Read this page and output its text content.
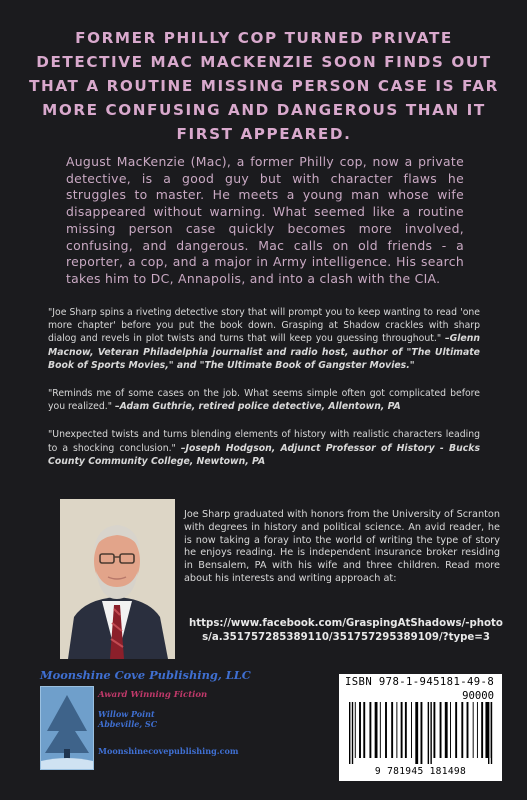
FORMER PHILLY COP TURNED PRIVATE DETECTIVE MAC MACKENZIE SOON FINDS OUT THAT A ROUTINE MISSING PERSON CASE IS FAR MORE CONFUSING AND DANGEROUS THAN IT FIRST APPEARED.

August MacKenzie (Mac), a former Philly cop, now a private detective, is a good guy but with character flaws he struggles to master. He meets a young man whose wife disappeared without warning. What seemed like a routine missing person case quickly becomes more involved, confusing, and dangerous. Mac calls on old friends - a reporter, a cop, and a major in Army intelligence. His search takes him to DC, Annapolis, and into a clash with the CIA.

"Joe Sharp spins a riveting detective story that will prompt you to keep wanting to read 'one more chapter' before you put the book down. Grasping at Shadow crackles with sharp dialog and revels in plot twists and turns that will keep you guessing throughout." –Glenn Macnow, Veteran Philadelphia journalist and radio host, author of "The Ultimate Book of Sports Movies," and "The Ultimate Book of Gangster Movies."

"Reminds me of some cases on the job. What seems simple often got complicated before you realized." –Adam Guthrie, retired police detective, Allentown, PA

"Unexpected twists and turns blending elements of history with realistic characters leading to a shocking conclusion." –Joseph Hodgson, Adjunct Professor of History - Bucks County Community College, Newtown, PA

Joe Sharp graduated with honors from the University of Scranton with degrees in history and political science. An avid reader, he is now taking a foray into the world of writing the type of story he enjoys reading. He is independent insurance broker residing in Bensalem, PA with his wife and three children. Read more about his interests and writing approach at:

https://www.facebook.com/GraspingAtShadows/-photos/a.351757285389110/351757295389109/?type=3

Moonshine Cove Publishing, LLC

Award Winning Fiction

Willow Point
Abbeville, SC

Moonshinecovepublishing.com
ISBN 978-1-945181-49-8
90000
9 781945 181498
